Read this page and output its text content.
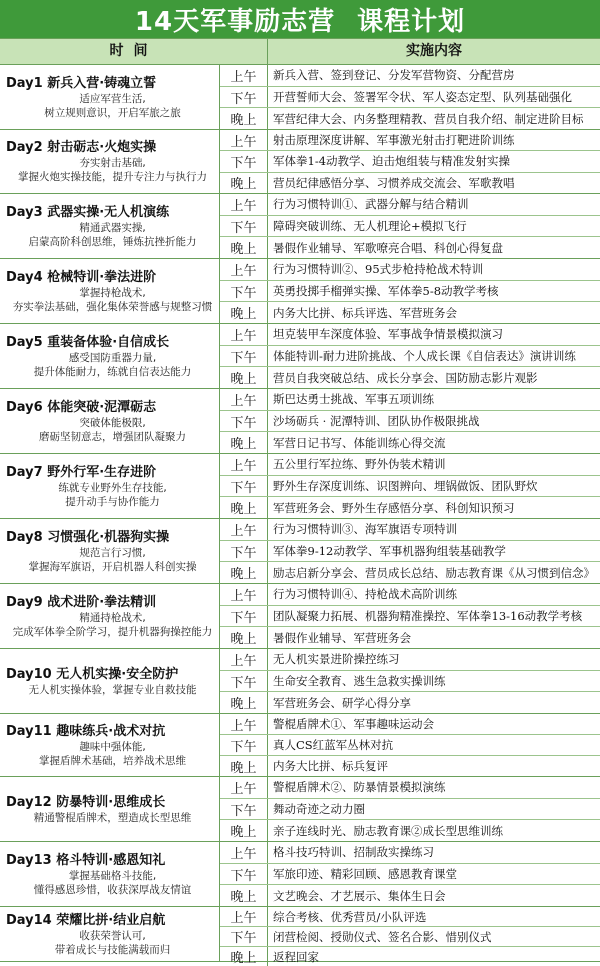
14天军事励志营 课程计划
时间	实施内容
Day1 新兵入营·铸魂立誓
适应军营生活,
树立规则意识，开启军旅之旅
上午	新兵入营、签到登记、分发军营物资、分配营房
下午	开营誓师大会、签署军令状、军人姿态定型、队列基础强化
晚上	军营纪律大会、内务整理精教、营员自我介绍、制定进阶目标
Day2 射击砺志·火炮实操
夯实射击基础,
掌握火炮实操技能，提升专注力与执行力
上午	射击原理深度讲解、军事激光射击打靶进阶训练
下午	军体拳1-4动教学、迫击炮组装与精准发射实操
晚上	营员纪律感悟分享、习惯养成交流会、军歌教唱
Day3 武器实操·无人机演练
精通武器实操,
启蒙高阶科创思维，锤炼抗挫折能力
上午	行为习惯特训①、武器分解与结合精训
下午	障碍突破训练、无人机理论+模拟飞行
晚上	暑假作业辅导、军歌嘹亮合唱、科创心得复盘
Day4 枪械特训·拳法进阶
掌握持枪战术,
夯实拳法基础，强化集体荣誉感与规整习惯
上午	行为习惯特训②、95式步枪持枪战术特训
下午	英勇投掷手榴弹实操、军体拳5-8动教学考核
晚上	内务大比拼、标兵评选、军营班务会
Day5 重装备体验·自信成长
感受国防重器力量,
提升体能耐力，练就自信表达能力
上午	坦克装甲车深度体验、军事战争情景模拟演习
下午	体能特训-耐力进阶挑战、个人成长课《自信表达》演讲训练
晚上	营员自我突破总结、成长分享会、国防励志影片观影
Day6 体能突破·泥潭砺志
突破体能极限,
磨砺坚韧意志，增强团队凝聚力
上午	斯巴达勇士挑战、军事五项训练
下午	沙场砺兵 · 泥潭特训、团队协作极限挑战
晚上	军营日记书写、体能训练心得交流
Day7 野外行军·生存进阶
练就专业野外生存技能,
提升动手与协作能力
上午	五公里行军拉练、野外伪装术精训
下午	野外生存深度训练、识图辨向、埋锅做饭、团队野炊
晚上	军营班务会、野外生存感悟分享、科创知识预习
Day8 习惯强化·机器狗实操
规范言行习惯,
掌握海军旗语，开启机器人科创实操
上午	行为习惯特训③、海军旗语专项特训
下午	军体拳9-12动教学、军事机器狗组装基础教学
晚上	励志启新分享会、营员成长总结、励志教育课《从习惯到信念》
Day9 战术进阶·拳法精训
精通持枪战术,
完成军体拳全阶学习，提升机器狗操控能力
上午	行为习惯特训④、持枪战术高阶训练
下午	团队凝聚力拓展、机器狗精准操控、军体拳13-16动教学考核
晚上	暑假作业辅导、军营班务会
Day10 无人机实操·安全防护
无人机实操体验，掌握专业自救技能
上午	无人机实景进阶操控练习
下午	生命安全教育、逃生急救实操训练
晚上	军营班务会、研学心得分享
Day11 趣味练兵·战术对抗
趣味中强体能,
掌握盾牌术基础，培养战术思维
上午	警棍盾牌术①、军事趣味运动会
下午	真人CS红蓝军丛林对抗
晚上	内务大比拼、标兵复评
Day12 防暴特训·思维成长
精通警棍盾牌术，塑造成长型思维
上午	警棍盾牌术②、防暴情景模拟演练
下午	舞动奇迹之动力圈
晚上	亲子连线时光、励志教育课②成长型思维训练
Day13 格斗特训·感恩知礼
掌握基础格斗技能,
懂得感恩珍惜，收获深厚战友情谊
上午	格斗技巧特训、招制敌实操练习
下午	军旅印迹、精彩回顾、感恩教育课堂
晚上	文艺晚会、才艺展示、集体生日会
Day14 荣耀比拼·结业启航
收获荣誉认可,
带着成长与技能满载而归
上午	综合考核、优秀营员/小队评选
下午	闭营检阅、授勋仪式、签名合影、惜别仪式
晚上	返程回家
